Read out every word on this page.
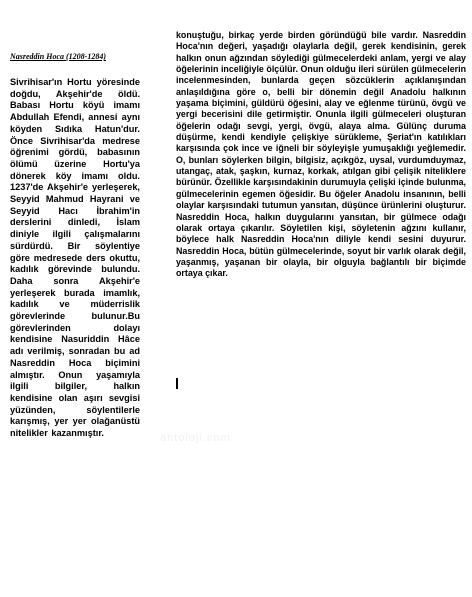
Nasreddin Hoca (1208-1284)

Sivrihisar'ın Hortu yöresinde doğdu, Akşehir'de öldü. Babası Hortu köyü imamı Abdullah Efendi, annesi aynı köyden Sıdıka Hatun'dur. Önce Sivrihisar'da medrese öğrenimi gördü, babasının ölümü üzerine Hortu'ya dönerek köy imamı oldu. 1237'de Akşehir'e yerleşerek, Seyyid Mahmud Hayrani ve Seyyid Hacı İbrahim'in derslerini dinledi, İslam diniyle ilgili çalışmalarını sürdürdü. Bir söylentiye göre medresede ders okuttu, kadılık görevinde bulundu. Daha sonra Akşehir'e yerleşerek burada imamlık, kadılık ve müderrislik görevlerinde bulunur.Bu görevlerinden dolayı kendisine Nasuriddin Hâce adı verilmiş, sonradan bu ad Nasreddin Hoca biçimini almıştır. Onun yaşamıyla ilgili bilgiler, halkın kendisine olan aşırı sevgisi yüzünden, söylentilerle karışmış, yer yer olağanüstü nitelikler kazanmıştır.

konuştuğu, birkaç yerde birden göründüğü bile vardır. Nasreddin Hoca'nın değeri, yaşadığı olaylarla değil, gerek kendisinin, gerek halkın onun ağzından söylediği gülmecelerdeki anlam, yergi ve alay öğelerinin inceliğiyle ölçülür. Onun olduğu ileri sürülen gülmecelerin incelenmesinden, bunlarda geçen sözcüklerin açıklanışından anlaşıldığına göre o, belli bir dönemin değil Anadolu halkının yaşama biçimini, güldürü öğesini, alay ve eğlenme türünü, övgü ve yergi becerisini dile getirmiştir. Onunla ilgili gülmeceleri oluşturan öğelerin odağı sevgi, yergi, övgü, alaya alma. Gülünç duruma düşürme, kendi kendiyle çelişkiye sürükleme, Şeriat'ın katılıkları karşısında çok ince ve iğneli bir söyleyişle yumuşaklığı yeğlemedir. O, bunları söylerken bilgin, bilgisiz, açıkgöz, uysal, vurdumduymaz, utangaç, atak, şaşkın, kurnaz, korkak, atılgan gibi çelişik niteliklere bürünür. Özellikle karşısındakinin durumuyla çelişki içinde bulunma, gülmecelerinin egemen öğesidir. Bu öğeler Anadolu insanının, belli olaylar karşısındaki tutumun yansıtan, düşünce ürünlerini oluşturur. Nasreddin Hoca, halkın duygularını yansıtan, bir gülmece odağı olarak ortaya çıkarılır. Söyletilen kişi, söyletenin ağzını kullanır, böylece halk Nasreddin Hoca'nın diliyle kendi sesini duyurur. Nasreddin Hoca, bütün gülmecelerinde, soyut bir varlık olarak değil, yaşanmış, yaşanan bir olayla, bir olguyla bağlantılı bir biçimde ortaya çıkar.

antoloji.com
